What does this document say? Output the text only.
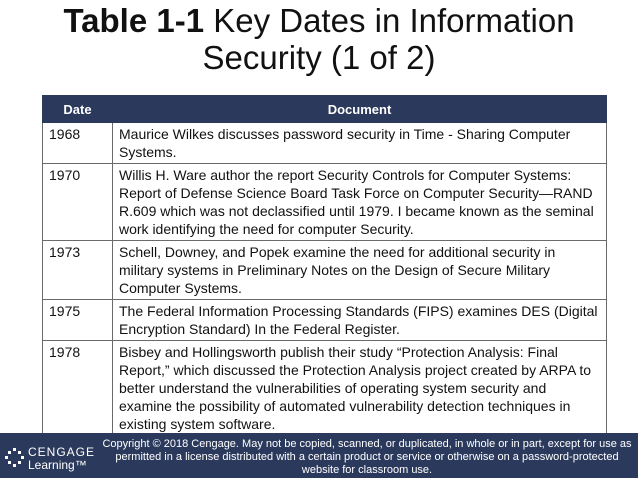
Table 1-1 Key Dates in Information
Security (1 of 2)
Date	Document
1968	Maurice Wilkes discusses password security in Time - Sharing Computer Systems.
1970	Willis H. Ware author the report Security Controls for Computer Systems: Report of Defense Science Board Task Force on Computer Security—RAND R.609 which was not declassified until 1979. I became known as the seminal work identifying the need for computer Security.
1973	Schell, Downey, and Popek examine the need for additional security in military systems in Preliminary Notes on the Design of Secure Military Computer Systems.
1975	The Federal Information Processing Standards (FIPS) examines DES (Digital Encryption Standard) In the Federal Register.
1978	Bisbey and Hollingsworth publish their study “Protection Analysis: Final Report,” which discussed the Protection Analysis project created by ARPA to better understand the vulnerabilities of operating system security and examine the possibility of automated vulnerability detection techniques in existing system software.
CENGAGE
Learning™
Copyright © 2018 Cengage. May not be copied, scanned, or duplicated, in whole or in part, except for use as permitted in a license distributed with a certain product or service or otherwise on a password-protected website for classroom use.
